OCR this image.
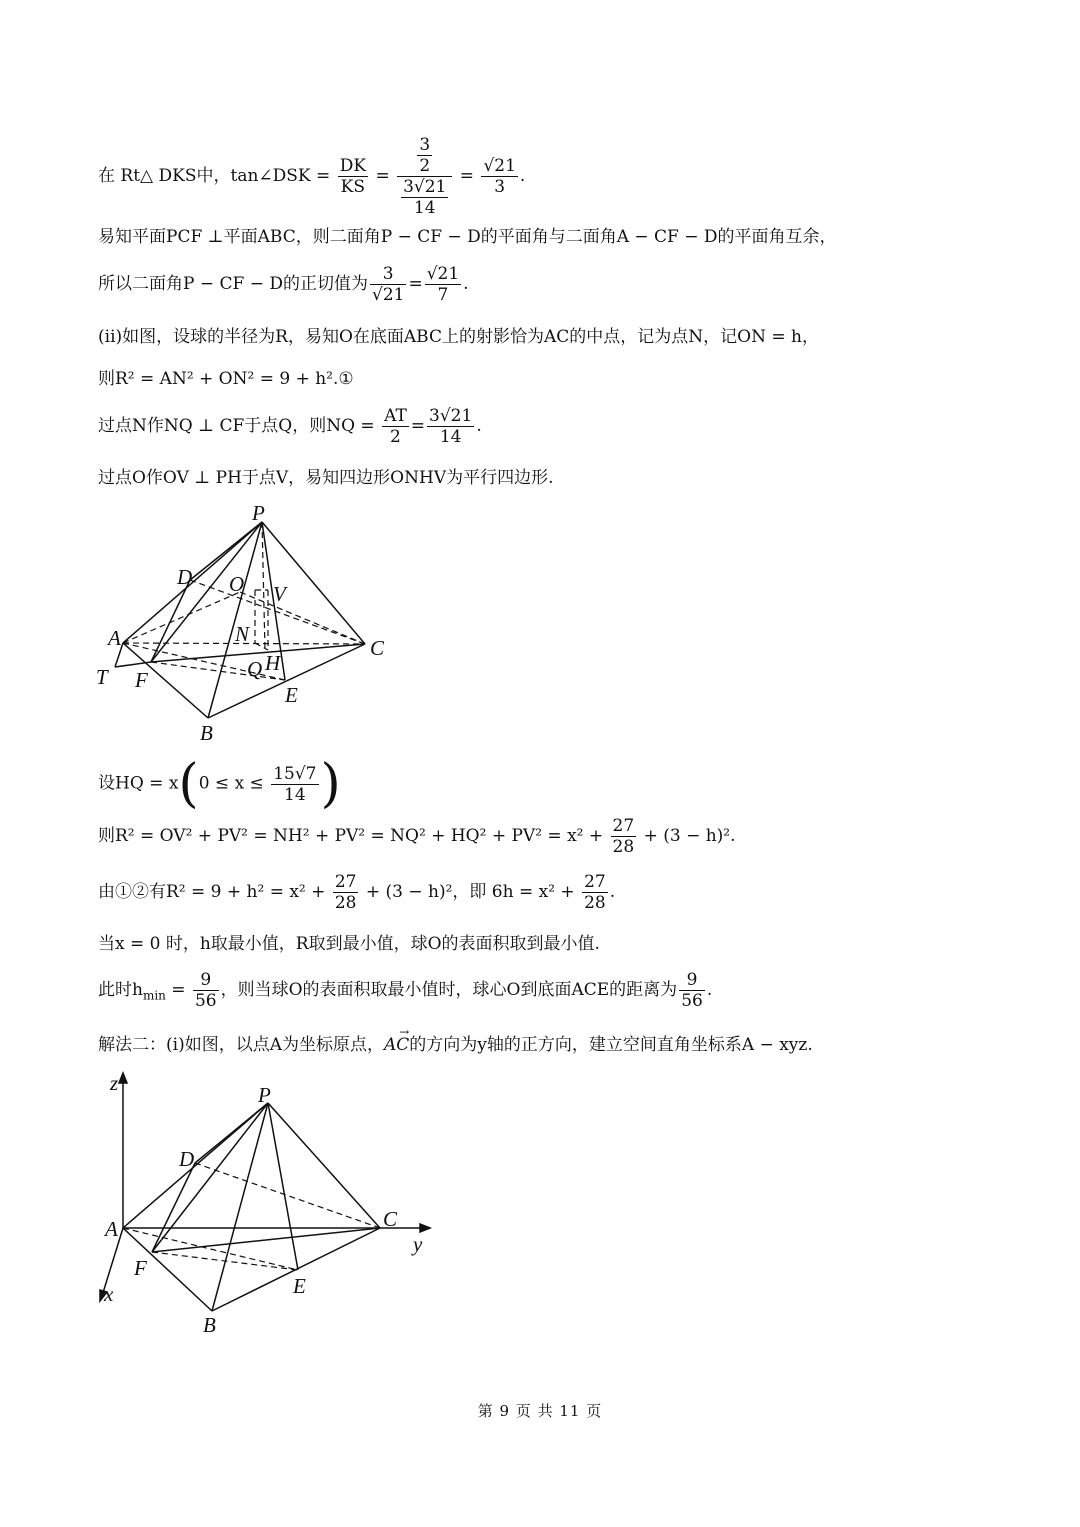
在 Rt△ DKS中，tan∠DSK = $\frac{DK}{KS} = \frac{\frac{3}{2}}{\frac{3√21}{14}} = \frac{√21}{3}$ .
易知平面PCF ⊥平面ABC，则二面角P − CF − D的平面角与二面角A − CF − D的平面角互余，
所以二面角P − CF − D的正切值为 $\frac{3}{√21} = \frac{√21}{7}$ .
(ii)如图，设球的半径为R，易知O在底面ABC上的射影恰为AC的中点，记为点N，记ON = h，
则R² = AN² + ON² = 9 + h².①
过点N作NQ ⊥ CF于点Q，则NQ = $\frac{AT}{2} = \frac{3√21}{14}$ .
过点O作OV ⊥ PH于点V，易知四边形ONHV为平行四边形.
P
D O V
A	N
C
T F	Q H
E
B
设HQ = $x(0 \le x \le \frac{15√7}{14}$ )
则$R^2 = OV^2 + PV^2 = NH^2 + PV^2 = NQ^2 + HQ^2 + PV^2 = x^2 + \frac{27}{28} + (3 - h)^2$.
由①②有$R^2 = 9 + h^2 = x^2 + \frac{27}{28} + (3 - h)^2$，即 $6h = x^2 + \frac{27}{28}$ .
当x = 0 时，h取最小值，R取到最小值，球O的表面积取到最小值.
此时$h_{min} = \frac{9}{56}$ ，则当球O的表面积取最小值时，球心O到底面ACE的距离为 $\frac{9}{56}$ .
解法二：(i)如图，以点A为坐标原点，
→
AC的方向为y轴的正方向，建立空间直角坐标系A − xyz.
z	P
D
A	C
y
F
E
x
B
第 9 页 共 11 页
